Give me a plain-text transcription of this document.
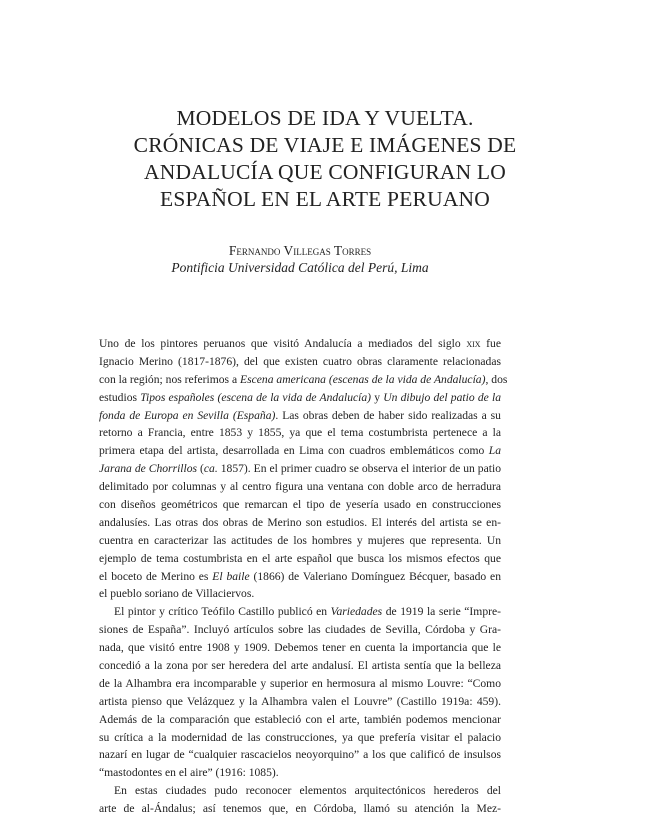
MODELOS DE IDA Y VUELTA.
CRÓNICAS DE VIAJE E IMÁGENES DE
ANDALUCÍA QUE CONFIGURAN LO
ESPAÑOL EN EL ARTE PERUANO
Fernando Villegas Torres
Pontificia Universidad Católica del Perú, Lima
Uno de los pintores peruanos que visitó Andalucía a mediados del siglo xix fue
Ignacio Merino (1817-1876), del que existen cuatro obras claramente relacionadas
con la región; nos referimos a Escena americana (escenas de la vida de Andalucía), dos
estudios Tipos españoles (escena de la vida de Andalucía) y Un dibujo del patio de la
fonda de Europa en Sevilla (España). Las obras deben de haber sido realizadas a su
retorno a Francia, entre 1853 y 1855, ya que el tema costumbrista pertenece a la
primera etapa del artista, desarrollada en Lima con cuadros emblemáticos como La
Jarana de Chorrillos (ca. 1857). En el primer cuadro se observa el interior de un patio
delimitado por columnas y al centro figura una ventana con doble arco de herradura
con diseños geométricos que remarcan el tipo de yesería usado en construcciones
andalusíes. Las otras dos obras de Merino son estudios. El interés del artista se en-
cuentra en caracterizar las actitudes de los hombres y mujeres que representa. Un
ejemplo de tema costumbrista en el arte español que busca los mismos efectos que
el boceto de Merino es El baile (1866) de Valeriano Domínguez Bécquer, basado en
el pueblo soriano de Villaciervos.
El pintor y crítico Teófilo Castillo publicó en Variedades de 1919 la serie “Impre-
siones de España”. Incluyó artículos sobre las ciudades de Sevilla, Córdoba y Gra-
nada, que visitó entre 1908 y 1909. Debemos tener en cuenta la importancia que le
concedió a la zona por ser heredera del arte andalusí. El artista sentía que la belleza
de la Alhambra era incomparable y superior en hermosura al mismo Louvre: “Como
artista pienso que Velázquez y la Alhambra valen el Louvre” (Castillo 1919a: 459).
Además de la comparación que estableció con el arte, también podemos mencionar
su crítica a la modernidad de las construcciones, ya que prefería visitar el palacio
nazarí en lugar de “cualquier rascacielos neoyorquino” a los que calificó de insulsos
“mastodontes en el aire” (1916: 1085).
En estas ciudades pudo reconocer elementos arquitectónicos herederos del
arte de al-Ándalus; así tenemos que, en Córdoba, llamó su atención la Mez-
